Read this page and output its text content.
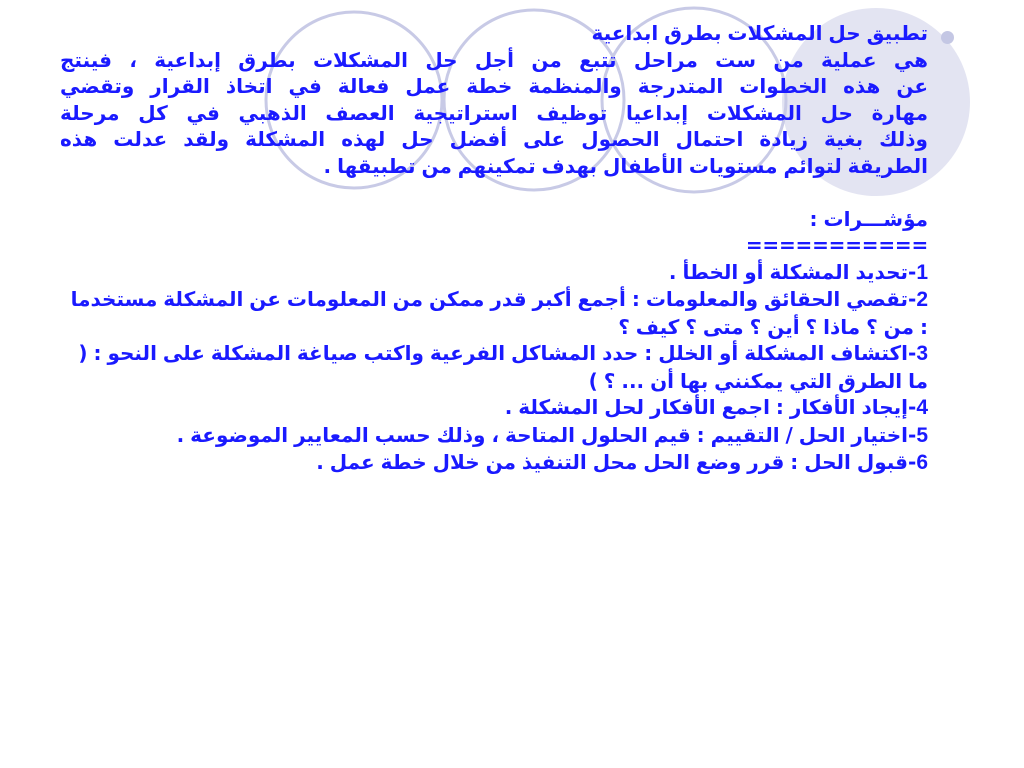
تطبيق حل المشكلات بطرق ابداعية
هي عملية من ست مراحل تتبع من أجل حل المشكلات بطرق إبداعية ، فينتج
عن هذه الخطوات المتدرجة والمنظمة خطة عمل فعالة في اتخاذ القرار وتقضي
مهارة حل المشكلات إبداعيا توظيف استراتيجية العصف الذهبي في كل مرحلة
وذلك بغية زيادة احتمال الحصول على أفضل حل لهذه المشكلة ولقد عدلت هذه
الطريقة لتوائم مستويات الأطفال بهدف تمكينهم من تطبيقها .
مؤشـــرات :
===========
1-تحديد المشكلة أو الخطأ .
2-تقصي الحقائق والمعلومات : أجمع أكبر قدر ممكن من المعلومات عن المشكلة مستخدما : من ؟ ماذا ؟ أين ؟ متى ؟ كيف ؟
3-اكتشاف المشكلة أو الخلل : حدد المشاكل الفرعية واكتب صياغة المشكلة على النحو : ( ما الطرق التي يمكنني بها أن ... ؟ )
4-إيجاد الأفكار : اجمع الأفكار لحل المشكلة .
5-اختيار الحل / التقييم : قيم الحلول المتاحة ، وذلك حسب المعايير الموضوعة .
6-قبول الحل : قرر وضع الحل محل التنفيذ من خلال خطة عمل .
